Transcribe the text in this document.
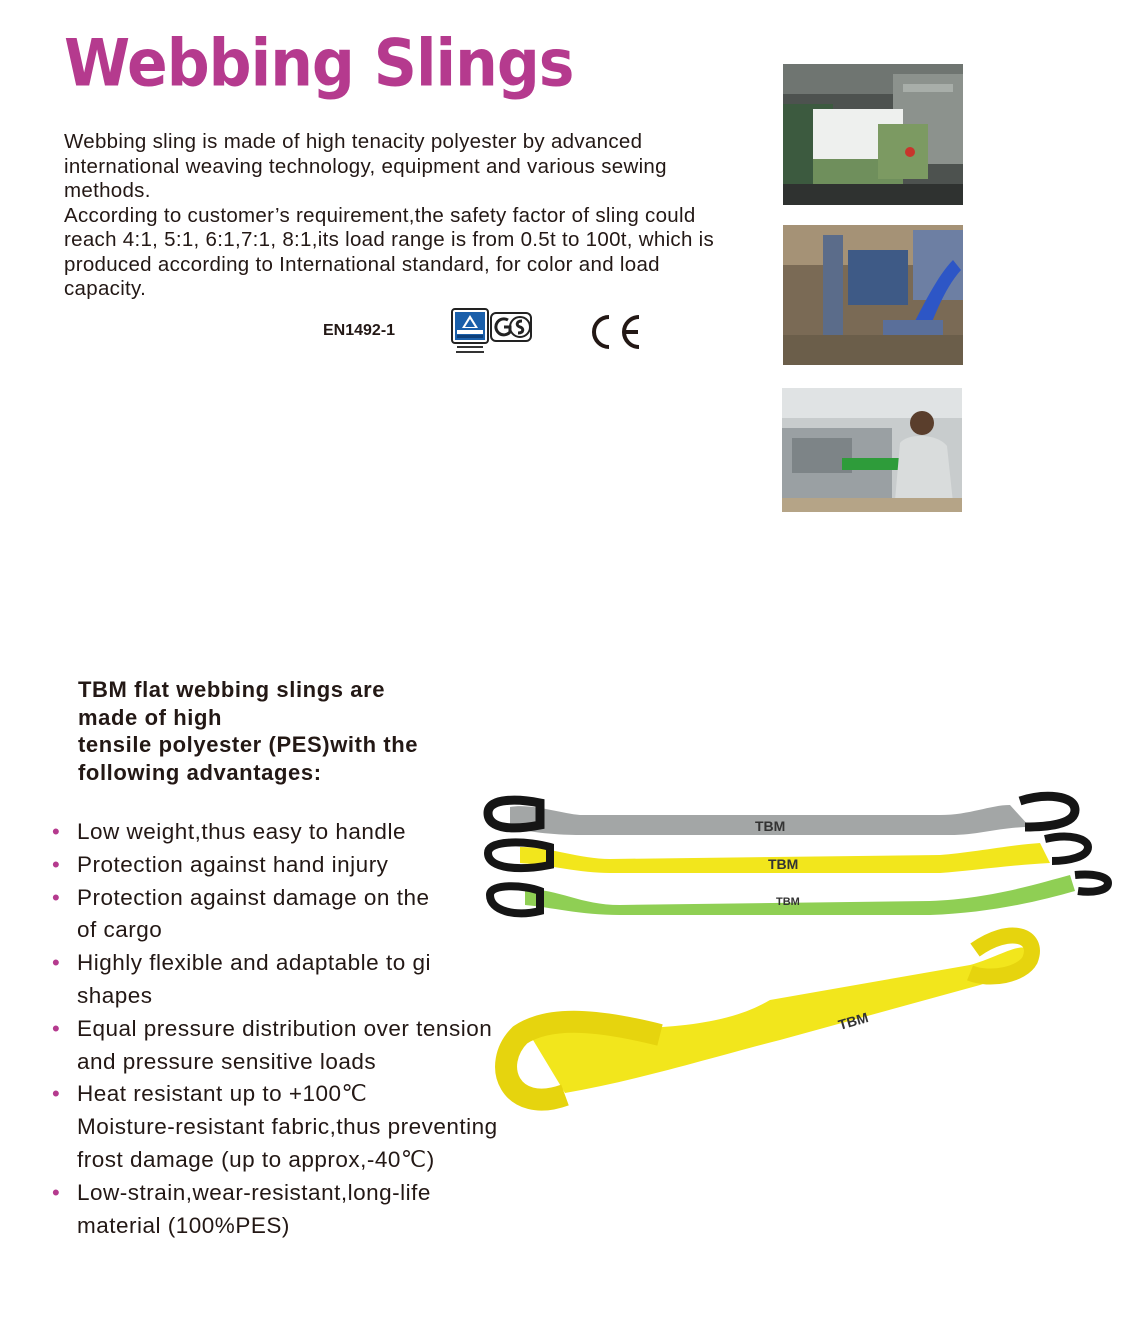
Webbing Slings

Webbing sling is made of high tenacity polyester by advanced international weaving technology, equipment and various sewing methods.

According to customer’s requirement,the safety factor of sling could reach 4:1, 5:1, 6:1,7:1, 8:1,its load range is from 0.5t to 100t, which is produced according to International standard, for color and load capacity.

EN1492-1
TBM flat webbing slings are
made of high
tensile polyester (PES)with the
following advantages:
TBM
TBM
TBM
TBM
• Low weight,thus easy to handle
• Protection against hand injury
• Protection against damage on the
of cargo
• Highly flexible and adaptable to gi
shapes
• Equal pressure distribution over tension
and pressure sensitive loads
• Heat resistant up to +100℃
Moisture-resistant fabric,thus preventing
frost damage (up to approx,-40℃)
• Low-strain,wear-resistant,long-life
material (100%PES)
